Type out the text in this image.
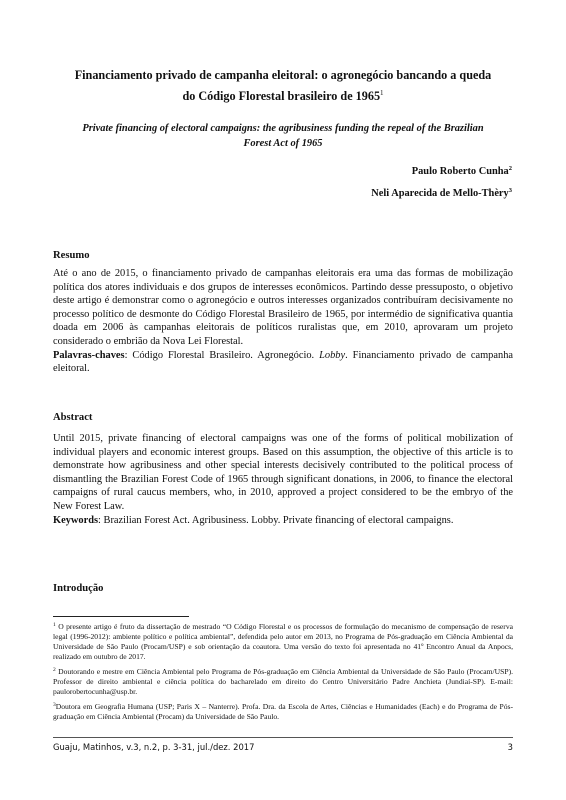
Financiamento privado de campanha eleitoral: o agronegócio bancando a queda
do Código Florestal brasileiro de 1965$^1$
Private financing of electoral campaigns: the agribusiness funding the repeal of the Brazilian
Forest Act of 1965
Paulo Roberto Cunha$^2$
Neli Aparecida de Mello-Thèry$^3$
Resumo

Até o ano de 2015, o financiamento privado de campanhas eleitorais era uma das formas de mobilização política dos atores individuais e dos grupos de interesses econômicos. Partindo desse pressuposto, o objetivo deste artigo é demonstrar como o agronegócio e outros interesses organizados contribuíram decisivamente no processo político de desmonte do Código Florestal Brasileiro de 1965, por intermédio de significativa quantia doada em 2006 às campanhas eleitorais de políticos ruralistas que, em 2010, aprovaram um projeto considerado o embrião da Nova Lei Florestal.

Palavras-chaves: Código Florestal Brasileiro. Agronegócio. Lobby. Financiamento privado de campanha eleitoral.

Abstract

Until 2015, private financing of electoral campaigns was one of the forms of political mobilization of individual players and economic interest groups. Based on this assumption, the objective of this article is to demonstrate how agribusiness and other special interests decisively contributed to the political process of dismantling the Brazilian Forest Code of 1965 through significant donations, in 2006, to finance the electoral campaigns of rural caucus members, who, in 2010, approved a project considered to be the embryo of the New Forest Law.

Keywords: Brazilian Forest Act. Agribusiness. Lobby. Private financing of electoral campaigns.

Introdução

$^1$ O presente artigo é fruto da dissertação de mestrado “O Código Florestal e os processos de formulação do mecanismo de compensação de reserva legal (1996-2012): ambiente político e política ambiental”, defendida pelo autor em 2013, no Programa de Pós-graduação em Ciência Ambiental da Universidade de São Paulo (Procam/USP) e sob orientação da coautora. Uma versão do texto foi apresentada no 41º Encontro Anual da Anpocs, realizado em outubro de 2017.

$^2$ Doutorando e mestre em Ciência Ambiental pelo Programa de Pós-graduação em Ciência Ambiental da Universidade de São Paulo (Procam/USP). Professor de direito ambiental e ciência política do bacharelado em direito do Centro Universitário Padre Anchieta (Jundiaí-SP). E-mail: paulorobertocunha@usp.br.

$^3$Doutora em Geografia Humana (USP; Paris X – Nanterre). Profa. Dra. da Escola de Artes, Ciências e Humanidades (Each) e do Programa de Pós-graduação em Ciência Ambiental (Procam) da Universidade de São Paulo.

Guaju, Matinhos, v.3, n.2, p. 3-31, jul./dez. 2017	3
